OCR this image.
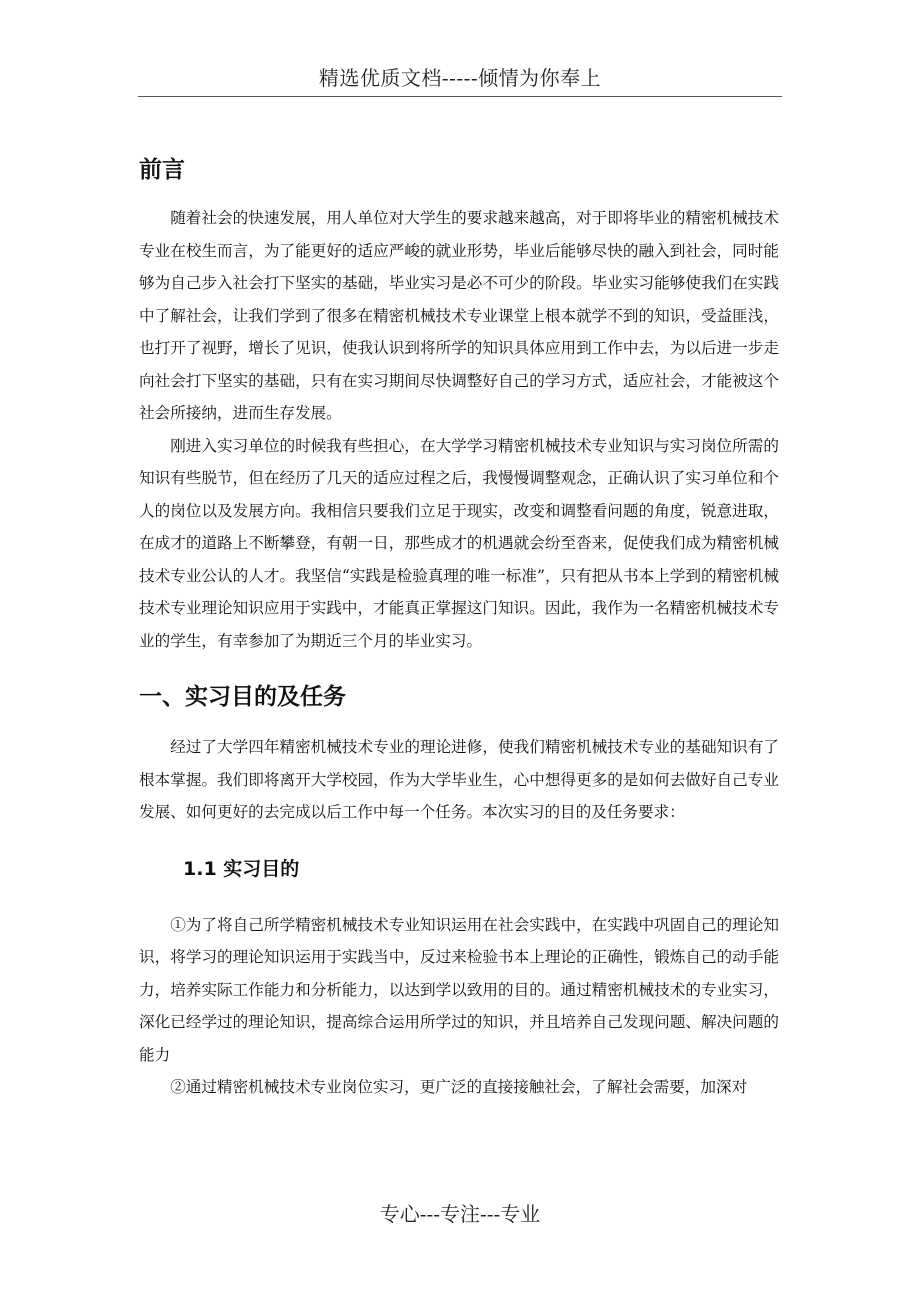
精选优质文档-----倾情为你奉上
前言

随着社会的快速发展，用人单位对大学生的要求越来越高，对于即将毕业的精密机械技术专业在校生而言，为了能更好的适应严峻的就业形势，毕业后能够尽快的融入到社会，同时能够为自己步入社会打下坚实的基础，毕业实习是必不可少的阶段。毕业实习能够使我们在实践中了解社会，让我们学到了很多在精密机械技术专业课堂上根本就学不到的知识，受益匪浅，也打开了视野，增长了见识，使我认识到将所学的知识具体应用到工作中去，为以后进一步走向社会打下坚实的基础，只有在实习期间尽快调整好自己的学习方式，适应社会，才能被这个社会所接纳，进而生存发展。

刚进入实习单位的时候我有些担心，在大学学习精密机械技术专业知识与实习岗位所需的知识有些脱节，但在经历了几天的适应过程之后，我慢慢调整观念，正确认识了实习单位和个人的岗位以及发展方向。我相信只要我们立足于现实，改变和调整看问题的角度，锐意进取，在成才的道路上不断攀登，有朝一日，那些成才的机遇就会纷至沓来，促使我们成为精密机械技术专业公认的人才。我坚信“实践是检验真理的唯一标准”，只有把从书本上学到的精密机械技术专业理论知识应用于实践中，才能真正掌握这门知识。因此，我作为一名精密机械技术专业的学生，有幸参加了为期近三个月的毕业实习。

一、实习目的及任务

经过了大学四年精密机械技术专业的理论进修，使我们精密机械技术专业的基础知识有了根本掌握。我们即将离开大学校园，作为大学毕业生，心中想得更多的是如何去做好自己专业发展、如何更好的去完成以后工作中每一个任务。本次实习的目的及任务要求：

1.1 实习目的

①为了将自己所学精密机械技术专业知识运用在社会实践中，在实践中巩固自己的理论知识，将学习的理论知识运用于实践当中，反过来检验书本上理论的正确性，锻炼自己的动手能力，培养实际工作能力和分析能力，以达到学以致用的目的。通过精密机械技术的专业实习，深化已经学过的理论知识，提高综合运用所学过的知识，并且培养自己发现问题、解决问题的能力

②通过精密机械技术专业岗位实习，更广泛的直接接触社会，了解社会需要，加深对

专心---专注---专业
